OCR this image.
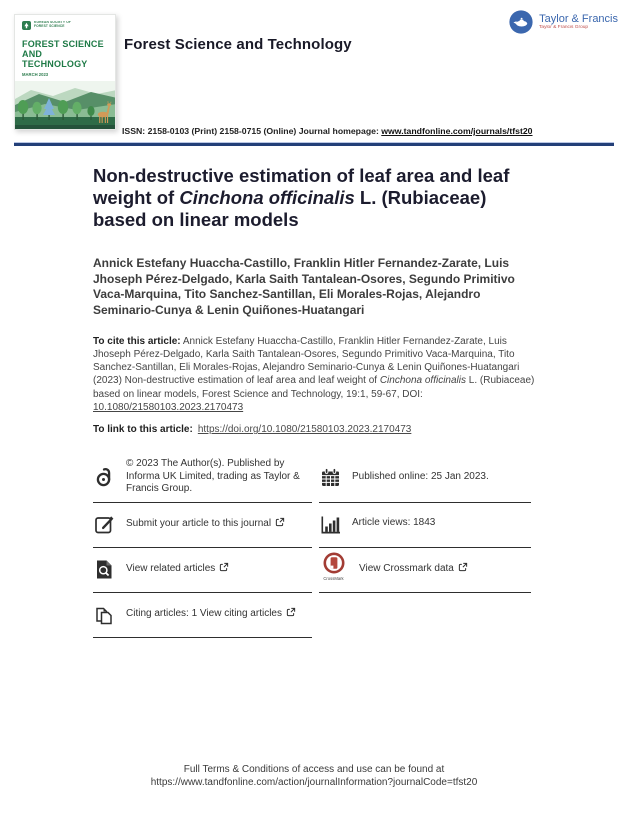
KOREAN SOCIETY OF FOREST SCIENCE
FOREST SCIENCE
AND TECHNOLOGY
MARCH 2023
Taylor & Francis
Taylor & Francis Group
Forest Science and Technology
ISSN: 2158-0103 (Print) 2158-0715 (Online) Journal homepage: www.tandfonline.com/journals/tfst20
Non-destructive estimation of leaf area and leaf weight of Cinchona officinalis L. (Rubiaceae) based on linear models

Annick Estefany Huaccha-Castillo, Franklin Hitler Fernandez-Zarate, Luis Jhoseph Pérez-Delgado, Karla Saith Tantalean-Osores, Segundo Primitivo Vaca-Marquina, Tito Sanchez-Santillan, Eli Morales-Rojas, Alejandro Seminario-Cunya & Lenin Quiñones-Huatangari

To cite this article: Annick Estefany Huaccha-Castillo, Franklin Hitler Fernandez-Zarate, Luis Jhoseph Pérez-Delgado, Karla Saith Tantalean-Osores, Segundo Primitivo Vaca-Marquina, Tito Sanchez-Santillan, Eli Morales-Rojas, Alejandro Seminario-Cunya & Lenin Quiñones-Huatangari (2023) Non-destructive estimation of leaf area and leaf weight of Cinchona officinalis L. (Rubiaceae) based on linear models, Forest Science and Technology, 19:1, 59-67, DOI: 10.1080/21580103.2023.2170473

To link to this article: https://doi.org/10.1080/21580103.2023.2170473

© 2023 The Author(s). Published by Informa UK Limited, trading as Taylor & Francis Group.
Published online: 25 Jan 2023.
Submit your article to this journal	Article views: 1843
View related articles
CrossMark
View Crossmark data
Citing articles: 1 View citing articles
Full Terms & Conditions of access and use can be found at
https://www.tandfonline.com/action/journalInformation?journalCode=tfst20
